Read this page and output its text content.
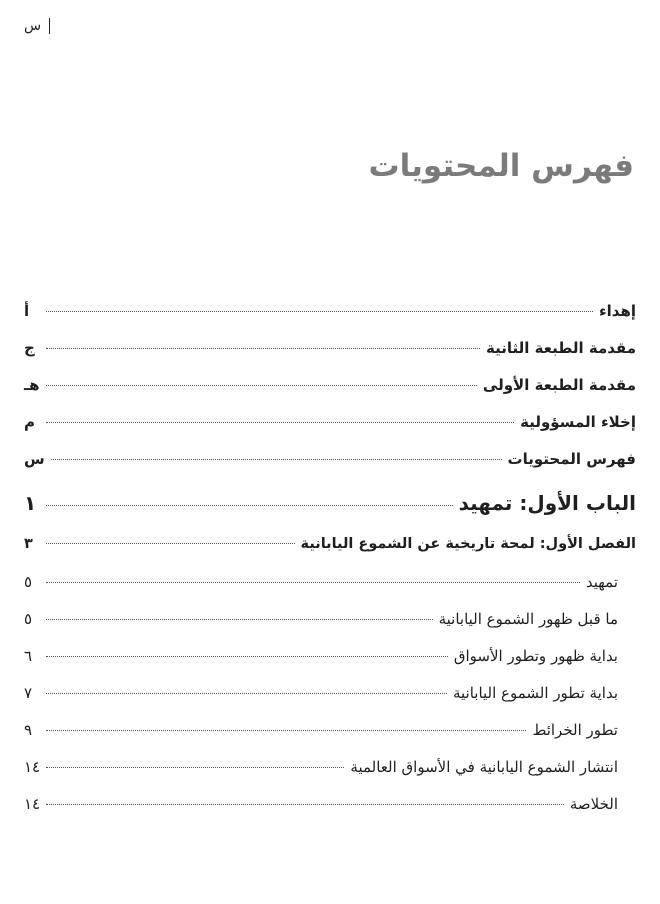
س
فهرس المحتويات
إهداء
أ
مقدمة الطبعة الثانية
ج
مقدمة الطبعة الأولى
هـ
إخلاء المسؤولية
م
فهرس المحتويات
س
الباب الأول: تمهيد
١
الفصل الأول: لمحة تاريخية عن الشموع اليابانية
٣
تمهيد
٥
ما قبل ظهور الشموع اليابانية
٥
بداية ظهور وتطور الأسواق
٦
بداية تطور الشموع اليابانية
٧
تطور الخرائط
٩
انتشار الشموع اليابانية في الأسواق العالمية
١٤
الخلاصة
١٤
